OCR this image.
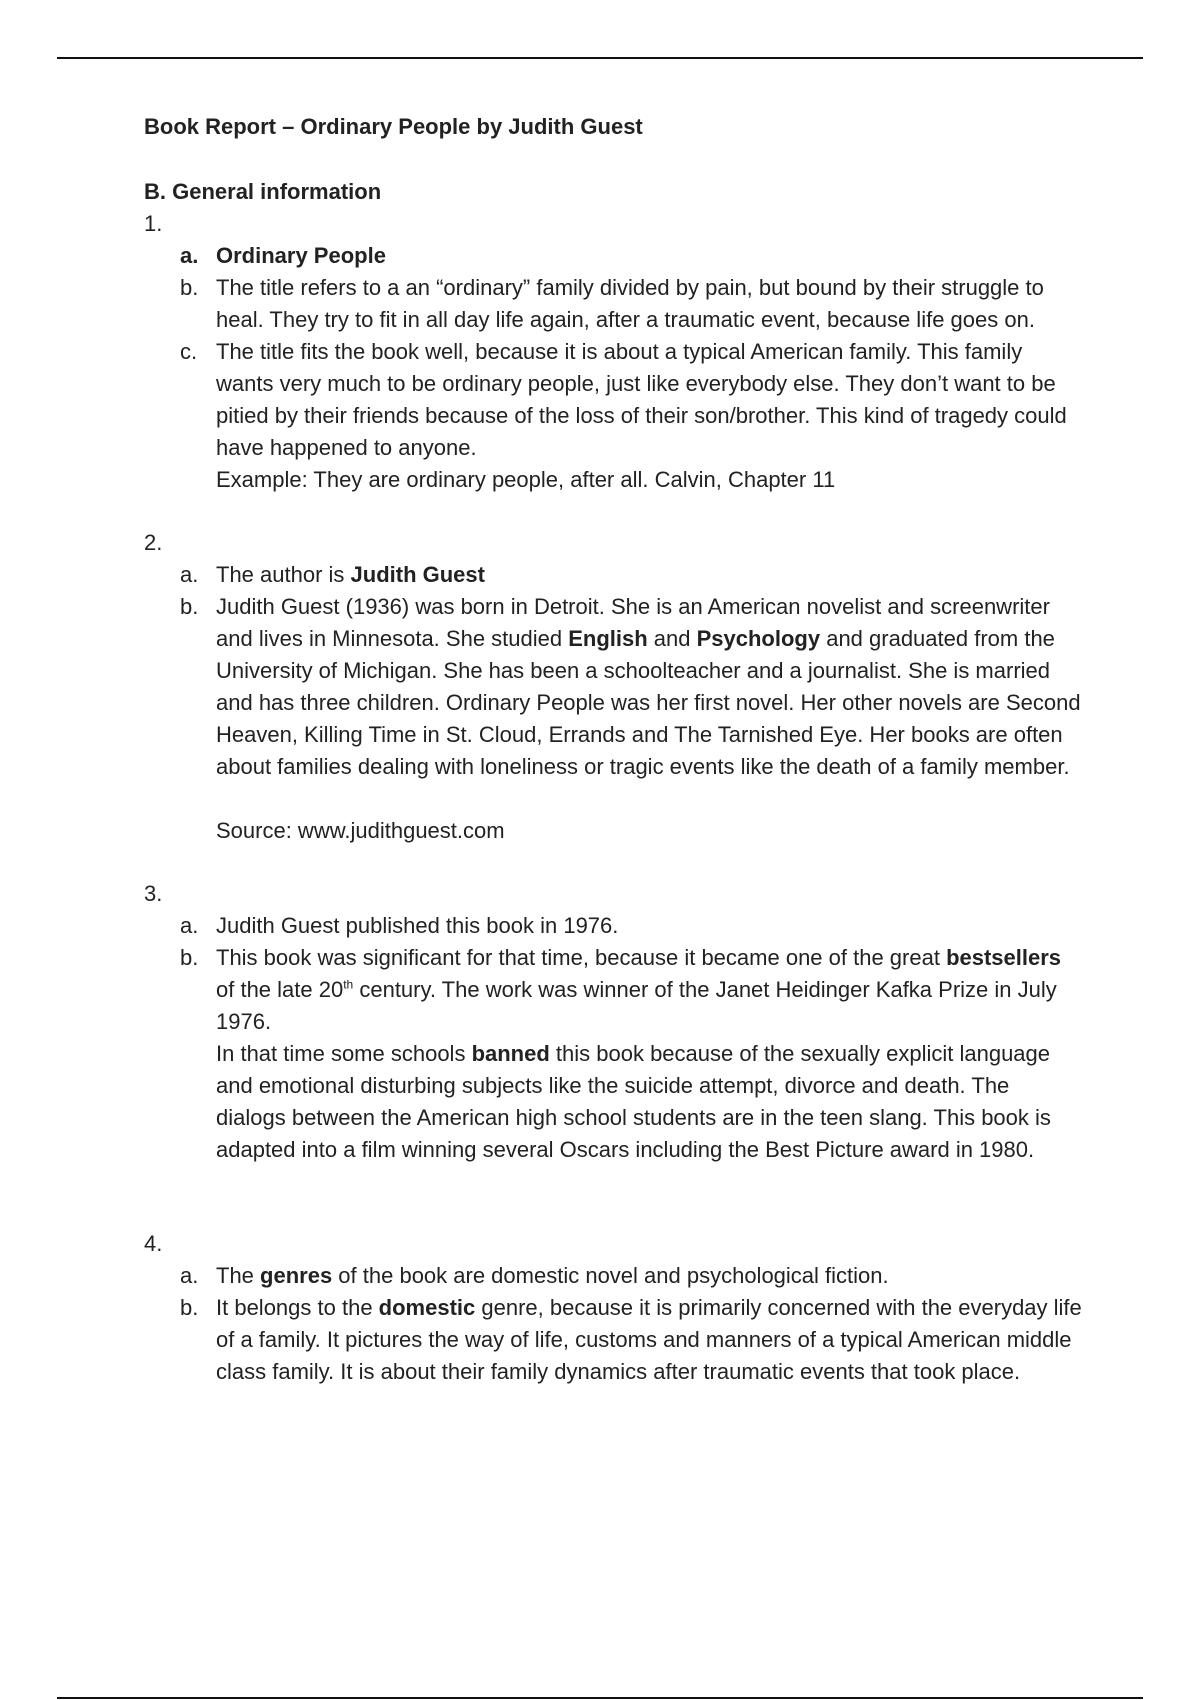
Book Report – Ordinary People by Judith Guest

B. General information

1.

a. Ordinary People
b. The title refers to a an “ordinary” family divided by pain, but bound by their struggle to heal. They try to fit in all day life again, after a traumatic event, because life goes on.
c. The title fits the book well, because it is about a typical American family. This family wants very much to be ordinary people, just like everybody else. They don’t want to be pitied by their friends because of the loss of their son/brother. This kind of tragedy could have happened to anyone.
Example: They are ordinary people, after all. Calvin, Chapter 11

2.

a. The author is Judith Guest
b. Judith Guest (1936) was born in Detroit. She is an American novelist and screenwriter and lives in Minnesota. She studied English and Psychology and graduated from the University of Michigan. She has been a schoolteacher and a journalist. She is married and has three children. Ordinary People was her first novel. Her other novels are Second Heaven, Killing Time in St. Cloud, Errands and The Tarnished Eye. Her books are often about families dealing with loneliness or tragic events like the death of a family member.

Source: www.judithguest.com

3.

a. Judith Guest published this book in 1976.
b. This book was significant for that time, because it became one of the great bestsellers of the late 20th century. The work was winner of the Janet Heidinger Kafka Prize in July 1976.
In that time some schools banned this book because of the sexually explicit language and emotional disturbing subjects like the suicide attempt, divorce and death. The dialogs between the American high school students are in the teen slang. This book is adapted into a film winning several Oscars including the Best Picture award in 1980.

4.

a. The genres of the book are domestic novel and psychological fiction.
b. It belongs to the domestic genre, because it is primarily concerned with the everyday life of a family. It pictures the way of life, customs and manners of a typical American middle class family. It is about their family dynamics after traumatic events that took place.
